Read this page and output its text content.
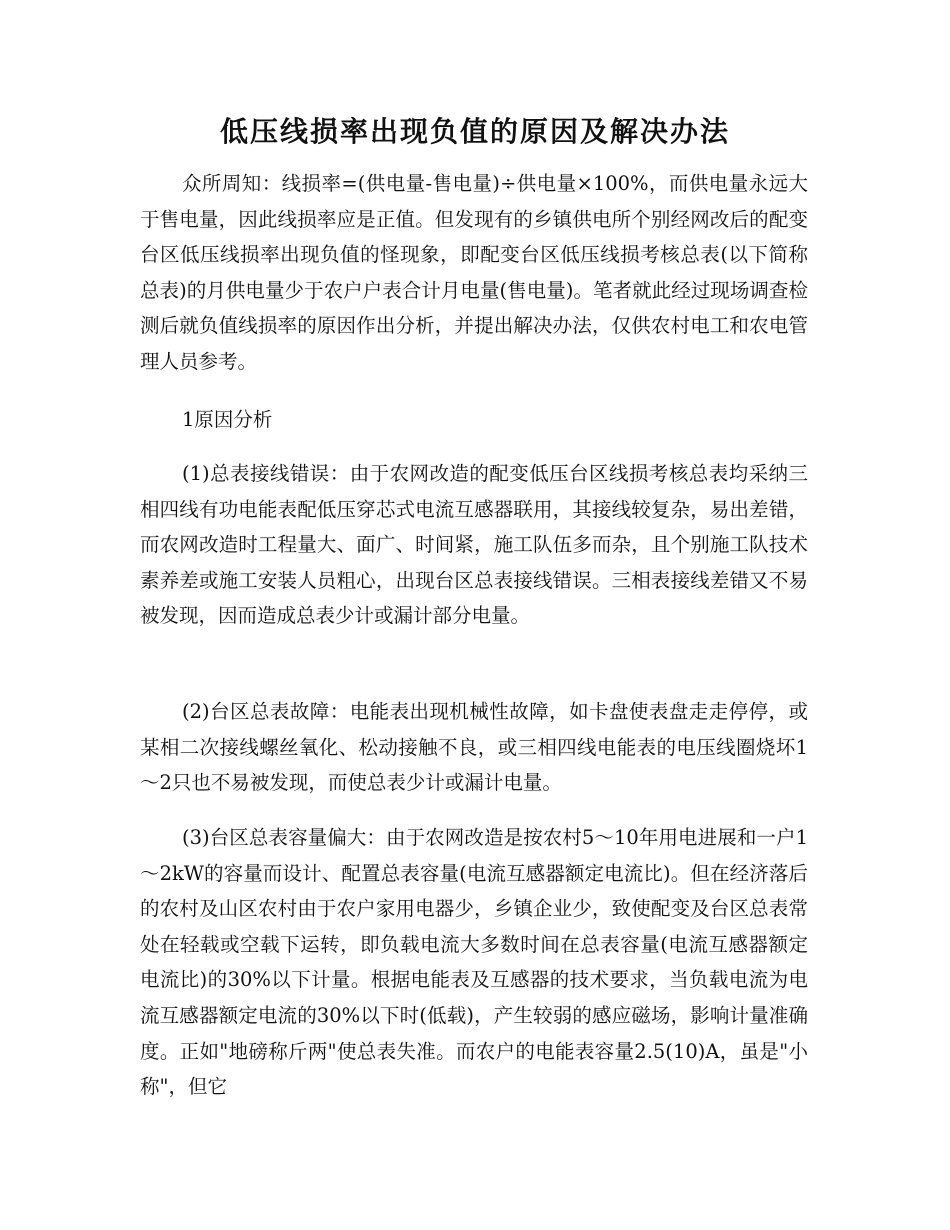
低压线损率出现负值的原因及解决办法
众所周知：线损率=(供电量-售电量)÷供电量×100%，而供电量永远大于售电量，因此线损率应是正值。但发现有的乡镇供电所个别经网改后的配变台区低压线损率出现负值的怪现象，即配变台区低压线损考核总表(以下简称总表)的月供电量少于农户户表合计月电量(售电量)。笔者就此经过现场调查检测后就负值线损率的原因作出分析，并提出解决办法，仅供农村电工和农电管理人员参考。
1原因分析
(1)总表接线错误：由于农网改造的配变低压台区线损考核总表均采纳三相四线有功电能表配低压穿芯式电流互感器联用，其接线较复杂，易出差错，而农网改造时工程量大、面广、时间紧，施工队伍多而杂，且个别施工队技术素养差或施工安装人员粗心，出现台区总表接线错误。三相表接线差错又不易被发现，因而造成总表少计或漏计部分电量。
(2)台区总表故障：电能表出现机械性故障，如卡盘使表盘走走停停，或某相二次接线螺丝氧化、松动接触不良，或三相四线电能表的电压线圈烧坏1～2只也不易被发现，而使总表少计或漏计电量。
(3)台区总表容量偏大：由于农网改造是按农村5～10年用电进展和一户1～2kW的容量而设计、配置总表容量(电流互感器额定电流比)。但在经济落后的农村及山区农村由于农户家用电器少，乡镇企业少，致使配变及台区总表常处在轻载或空载下运转，即负载电流大多数时间在总表容量(电流互感器额定电流比)的30%以下计量。根据电能表及互感器的技术要求，当负载电流为电流互感器额定电流的30%以下时(低载)，产生较弱的感应磁场，影响计量准确度。正如"地磅称斤两"使总表失准。而农户的电能表容量2.5(10)A，虽是"小称"，但它
